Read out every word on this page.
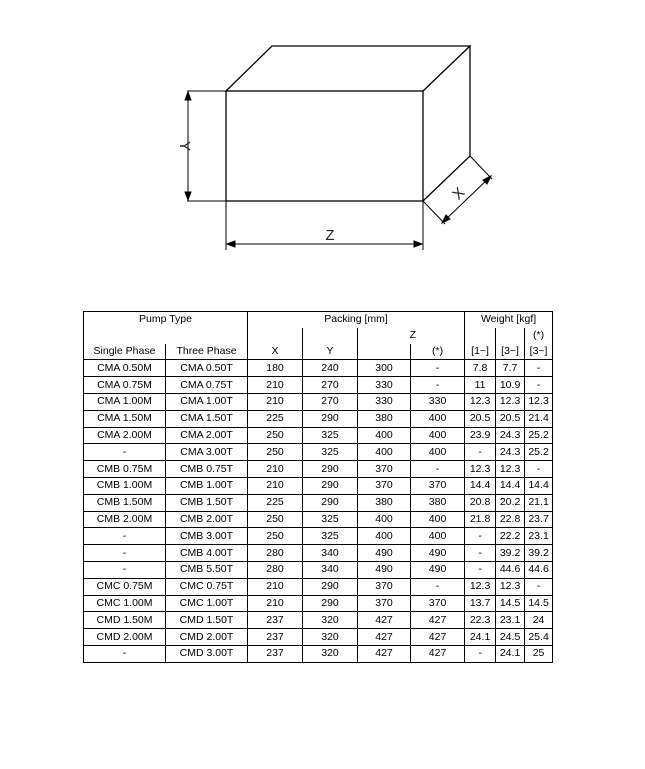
Y
Z
X
Pump Type		Packing [mm]				Weight [kgf]		
				Z				(*)
Single Phase	Three Phase	X	Y		(*)	[1~]	[3~]	[3~]
CMA 0.50M	CMA 0.50T	180	240	300	-	7.8	7.7	-
CMA 0.75M	CMA 0.75T	210	270	330	-	11	10.9	-
CMA 1.00M	CMA 1.00T	210	270	330	330	12.3	12.3	12.3
CMA 1.50M	CMA 1.50T	225	290	380	400	20.5	20.5	21.4
CMA 2.00M	CMA 2.00T	250	325	400	400	23.9	24.3	25.2
-	CMA 3.00T	250	325	400	400	-	24.3	25.2
CMB 0.75M	CMB 0.75T	210	290	370	-	12.3	12.3	-
CMB 1.00M	CMB 1.00T	210	290	370	370	14.4	14.4	14.4
CMB 1.50M	CMB 1.50T	225	290	380	380	20.8	20.2	21.1
CMB 2.00M	CMB 2.00T	250	325	400	400	21.8	22.8	23.7
-	CMB 3.00T	250	325	400	400	-	22.2	23.1
-	CMB 4.00T	280	340	490	490	-	39.2	39.2
-	CMB 5.50T	280	340	490	490	-	44.6	44.6
CMC 0.75M	CMC 0.75T	210	290	370	-	12.3	12.3	-
CMC 1.00M	CMC 1.00T	210	290	370	370	13.7	14.5	14.5
CMD 1.50M	CMD 1.50T	237	320	427	427	22.3	23.1	24
CMD 2.00M	CMD 2.00T	237	320	427	427	24.1	24.5	25.4
-	CMD 3.00T	237	320	427	427	-	24.1	25
